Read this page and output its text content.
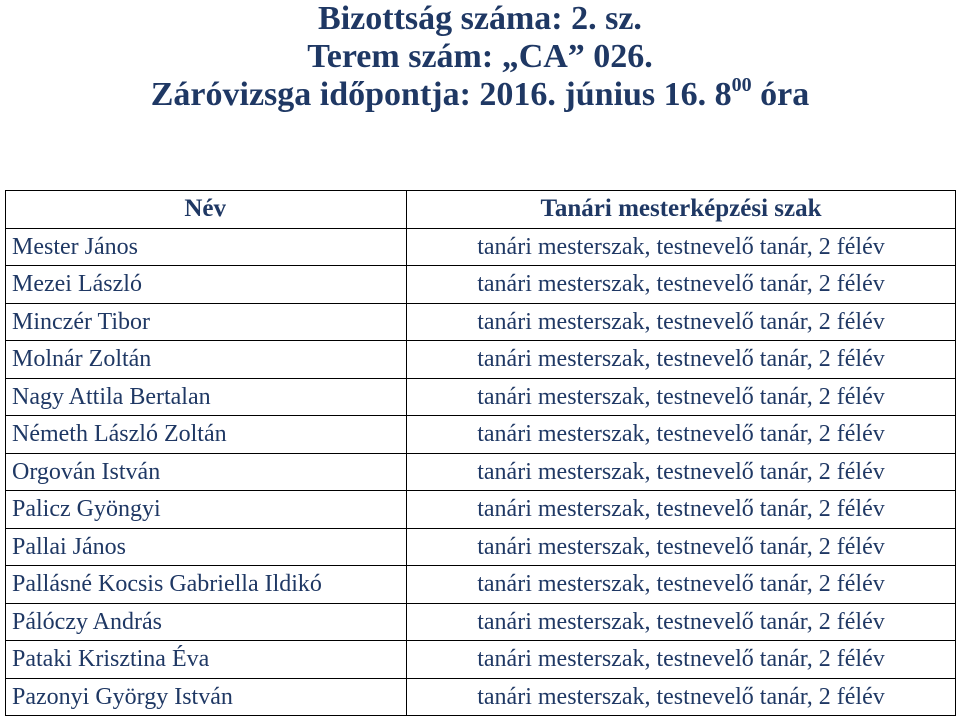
Bizottság száma: 2. sz.
Terem szám: „CA” 026.
Záróvizsga időpontja: 2016. június 16. $8^{00}$ óra
Név	Tanári mesterképzési szak
Mester János	tanári mesterszak, testnevelő tanár, 2 félév
Mezei László	tanári mesterszak, testnevelő tanár, 2 félév
Minczér Tibor	tanári mesterszak, testnevelő tanár, 2 félév
Molnár Zoltán	tanári mesterszak, testnevelő tanár, 2 félév
Nagy Attila Bertalan	tanári mesterszak, testnevelő tanár, 2 félév
Németh László Zoltán	tanári mesterszak, testnevelő tanár, 2 félév
Orgován István	tanári mesterszak, testnevelő tanár, 2 félév
Palicz Gyöngyi	tanári mesterszak, testnevelő tanár, 2 félév
Pallai János	tanári mesterszak, testnevelő tanár, 2 félév
Pallásné Kocsis Gabriella Ildikó	tanári mesterszak, testnevelő tanár, 2 félév
Pálóczy András	tanári mesterszak, testnevelő tanár, 2 félév
Pataki Krisztina Éva	tanári mesterszak, testnevelő tanár, 2 félév
Pazonyi György István	tanári mesterszak, testnevelő tanár, 2 félév
